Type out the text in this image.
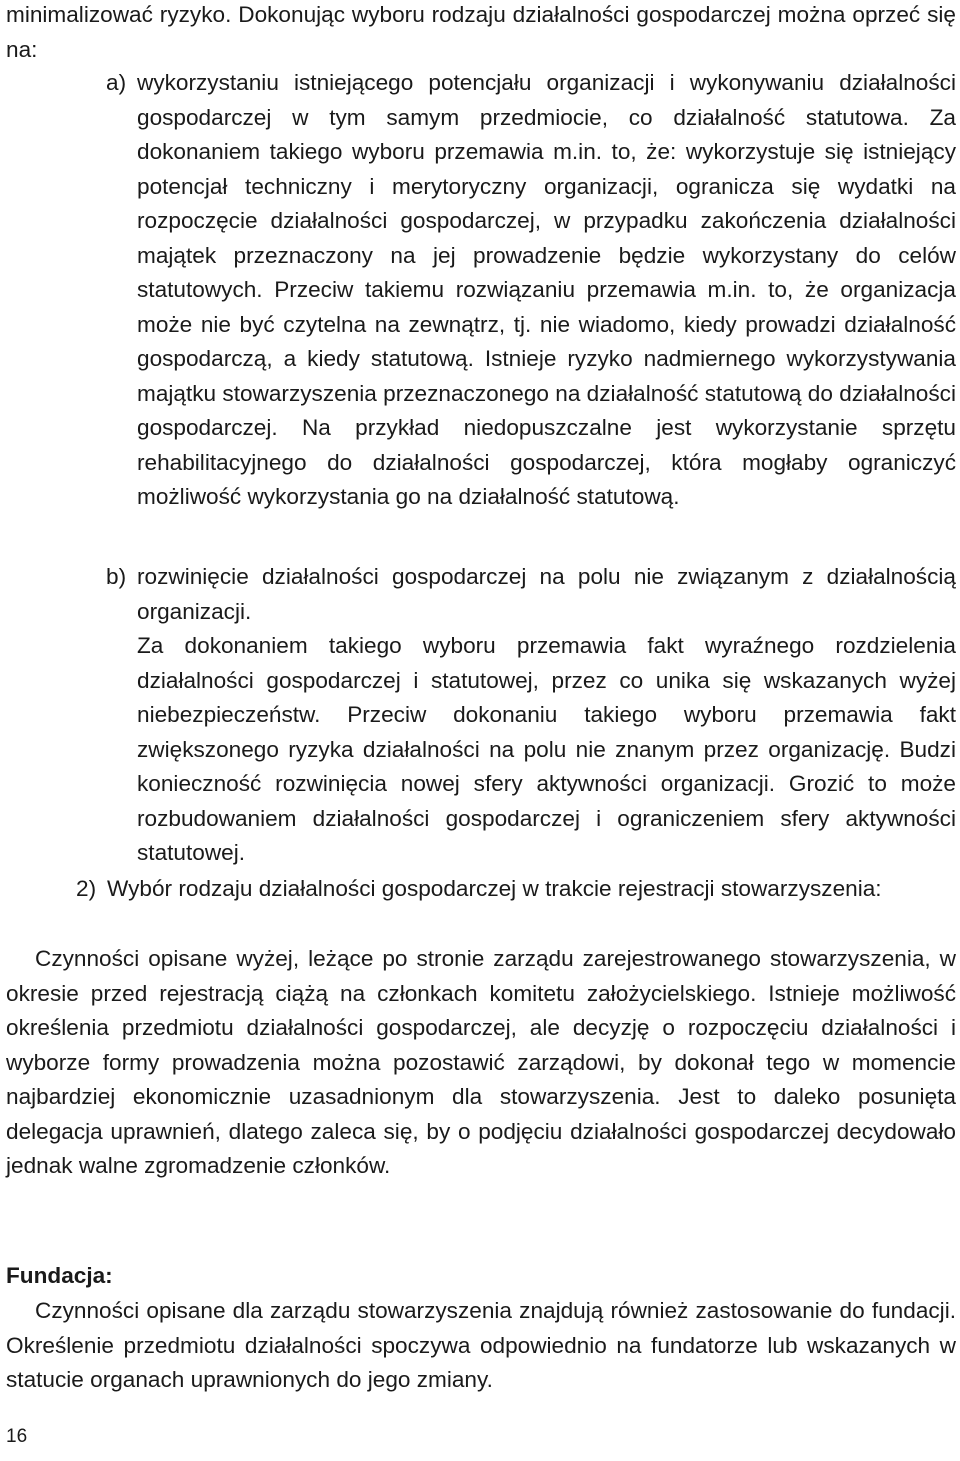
minimalizować ryzyko. Dokonując wyboru rodzaju działalności gospodarczej można oprzeć się na:

a) wykorzystaniu istniejącego potencjału organizacji i wykonywaniu działalności gospodarczej w tym samym przedmiocie, co działalność statutowa. Za dokonaniem takiego wyboru przemawia m.in. to, że: wykorzystuje się istniejący potencjał techniczny i merytoryczny organizacji, ogranicza się wydatki na rozpoczęcie działalności gospodarczej, w przypadku zakończenia działalności majątek przeznaczony na jej prowadzenie będzie wykorzystany do celów statutowych. Przeciw takiemu rozwiązaniu przemawia m.in. to, że organizacja może nie być czytelna na zewnątrz, tj. nie wiadomo, kiedy prowadzi działalność gospodarczą, a kiedy statutową. Istnieje ryzyko nadmiernego wykorzystywania majątku stowarzyszenia przeznaczonego na działalność statutową do działalności gospodarczej. Na przykład niedopuszczalne jest wykorzystanie sprzętu rehabilitacyjnego do działalności gospodarczej, która mogłaby ograniczyć możliwość wykorzystania go na działalność statutową.

b) rozwinięcie działalności gospodarczej na polu nie związanym z działalnością organizacji.

Za dokonaniem takiego wyboru przemawia fakt wyraźnego rozdzielenia działalności gospodarczej i statutowej, przez co unika się wskazanych wyżej niebezpieczeństw. Przeciw dokonaniu takiego wyboru przemawia fakt zwiększonego ryzyka działalności na polu nie znanym przez organizację. Budzi konieczność rozwinięcia nowej sfery aktywności organizacji. Grozić to może rozbudowaniem działalności gospodarczej i ograniczeniem sfery aktywności statutowej.

2) Wybór rodzaju działalności gospodarczej w trakcie rejestracji stowarzyszenia:

Czynności opisane wyżej, leżące po stronie zarządu zarejestrowanego stowarzyszenia, w okresie przed rejestracją ciążą na członkach komitetu założycielskiego. Istnieje możliwość określenia przedmiotu działalności gospodarczej, ale decyzję o rozpoczęciu działalności i wyborze formy prowadzenia można pozostawić zarządowi, by dokonał tego w momencie najbardziej ekonomicznie uzasadnionym dla stowarzyszenia. Jest to daleko posunięta delegacja uprawnień, dlatego zaleca się, by o podjęciu działalności gospodarczej decydowało jednak walne zgromadzenie członków.

Fundacja:

Czynności opisane dla zarządu stowarzyszenia znajdują również zastosowanie do fundacji. Określenie przedmiotu działalności spoczywa odpowiednio na fundatorze lub wskazanych w statucie organach uprawnionych do jego zmiany.

16
